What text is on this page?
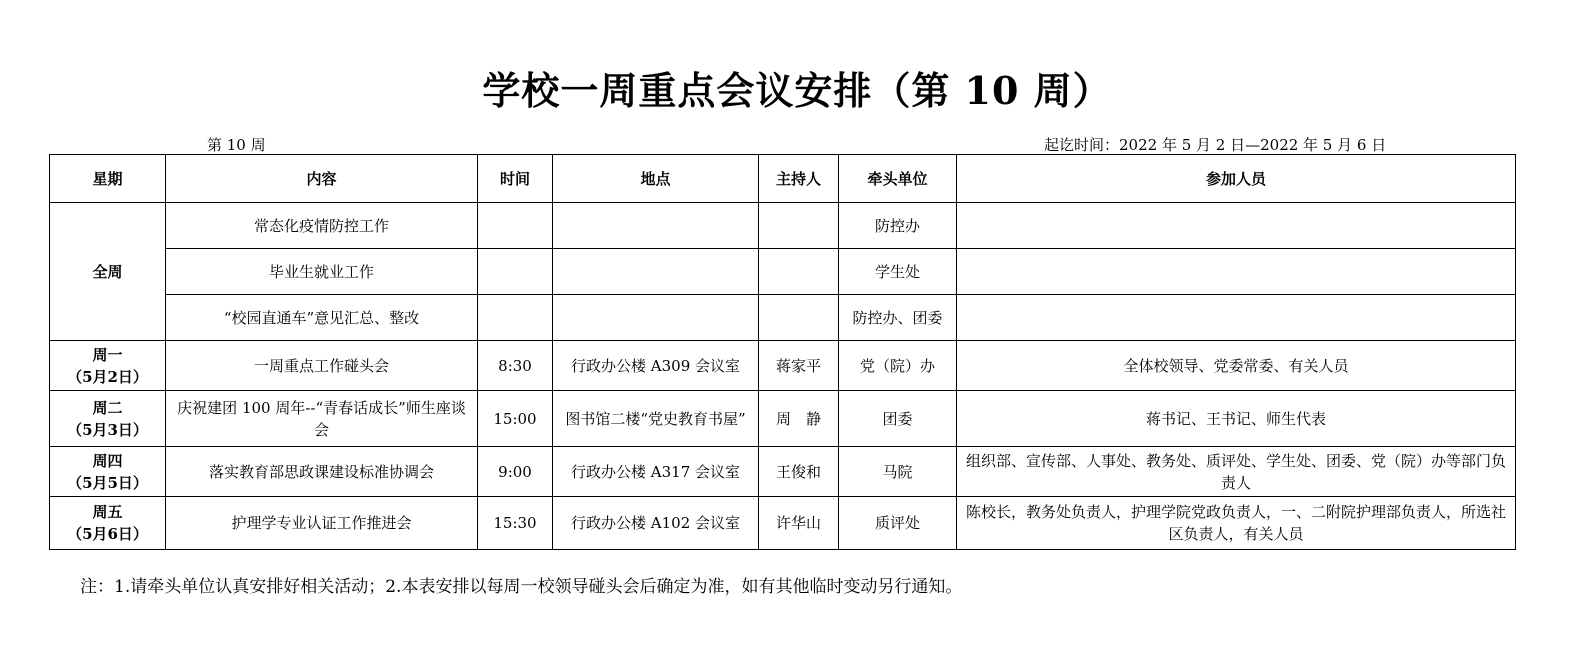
学校一周重点会议安排（第 10 周）
第 10 周	起讫时间：2022 年 5 月 2 日—2022 年 5 月 6 日
星期	内容	时间	地点	主持人	牵头单位	参加人员
全周	常态化疫情防控工作				防控办	
	毕业生就业工作				学生处	
	“校园直通车”意见汇总、整改				防控办、团委	

周一
（5月2日）	一周重点工作碰头会	8:30	行政办公楼 A309 会议室	蒋家平	党（院）办	全体校领导、党委常委、有关人员

周二
（5月3日）	庆祝建团 100 周年--“青春话成长”师生座谈会	15:00	图书馆二楼“党史教育书屋”	周　静	团委	蒋书记、王书记、师生代表

周四
（5月5日）	落实教育部思政课建设标准协调会	9:00	行政办公楼 A317 会议室	王俊和	马院	组织部、宣传部、人事处、教务处、质评处、学生处、团委、党（院）办等部门负责人

周五
（5月6日）	护理学专业认证工作推进会	15:30	行政办公楼 A102 会议室	许华山	质评处	陈校长，教务处负责人，护理学院党政负责人，一、二附院护理部负责人，所选社区负责人，有关人员
注：1.请牵头单位认真安排好相关活动；2.本表安排以每周一校领导碰头会后确定为准，如有其他临时变动另行通知。
